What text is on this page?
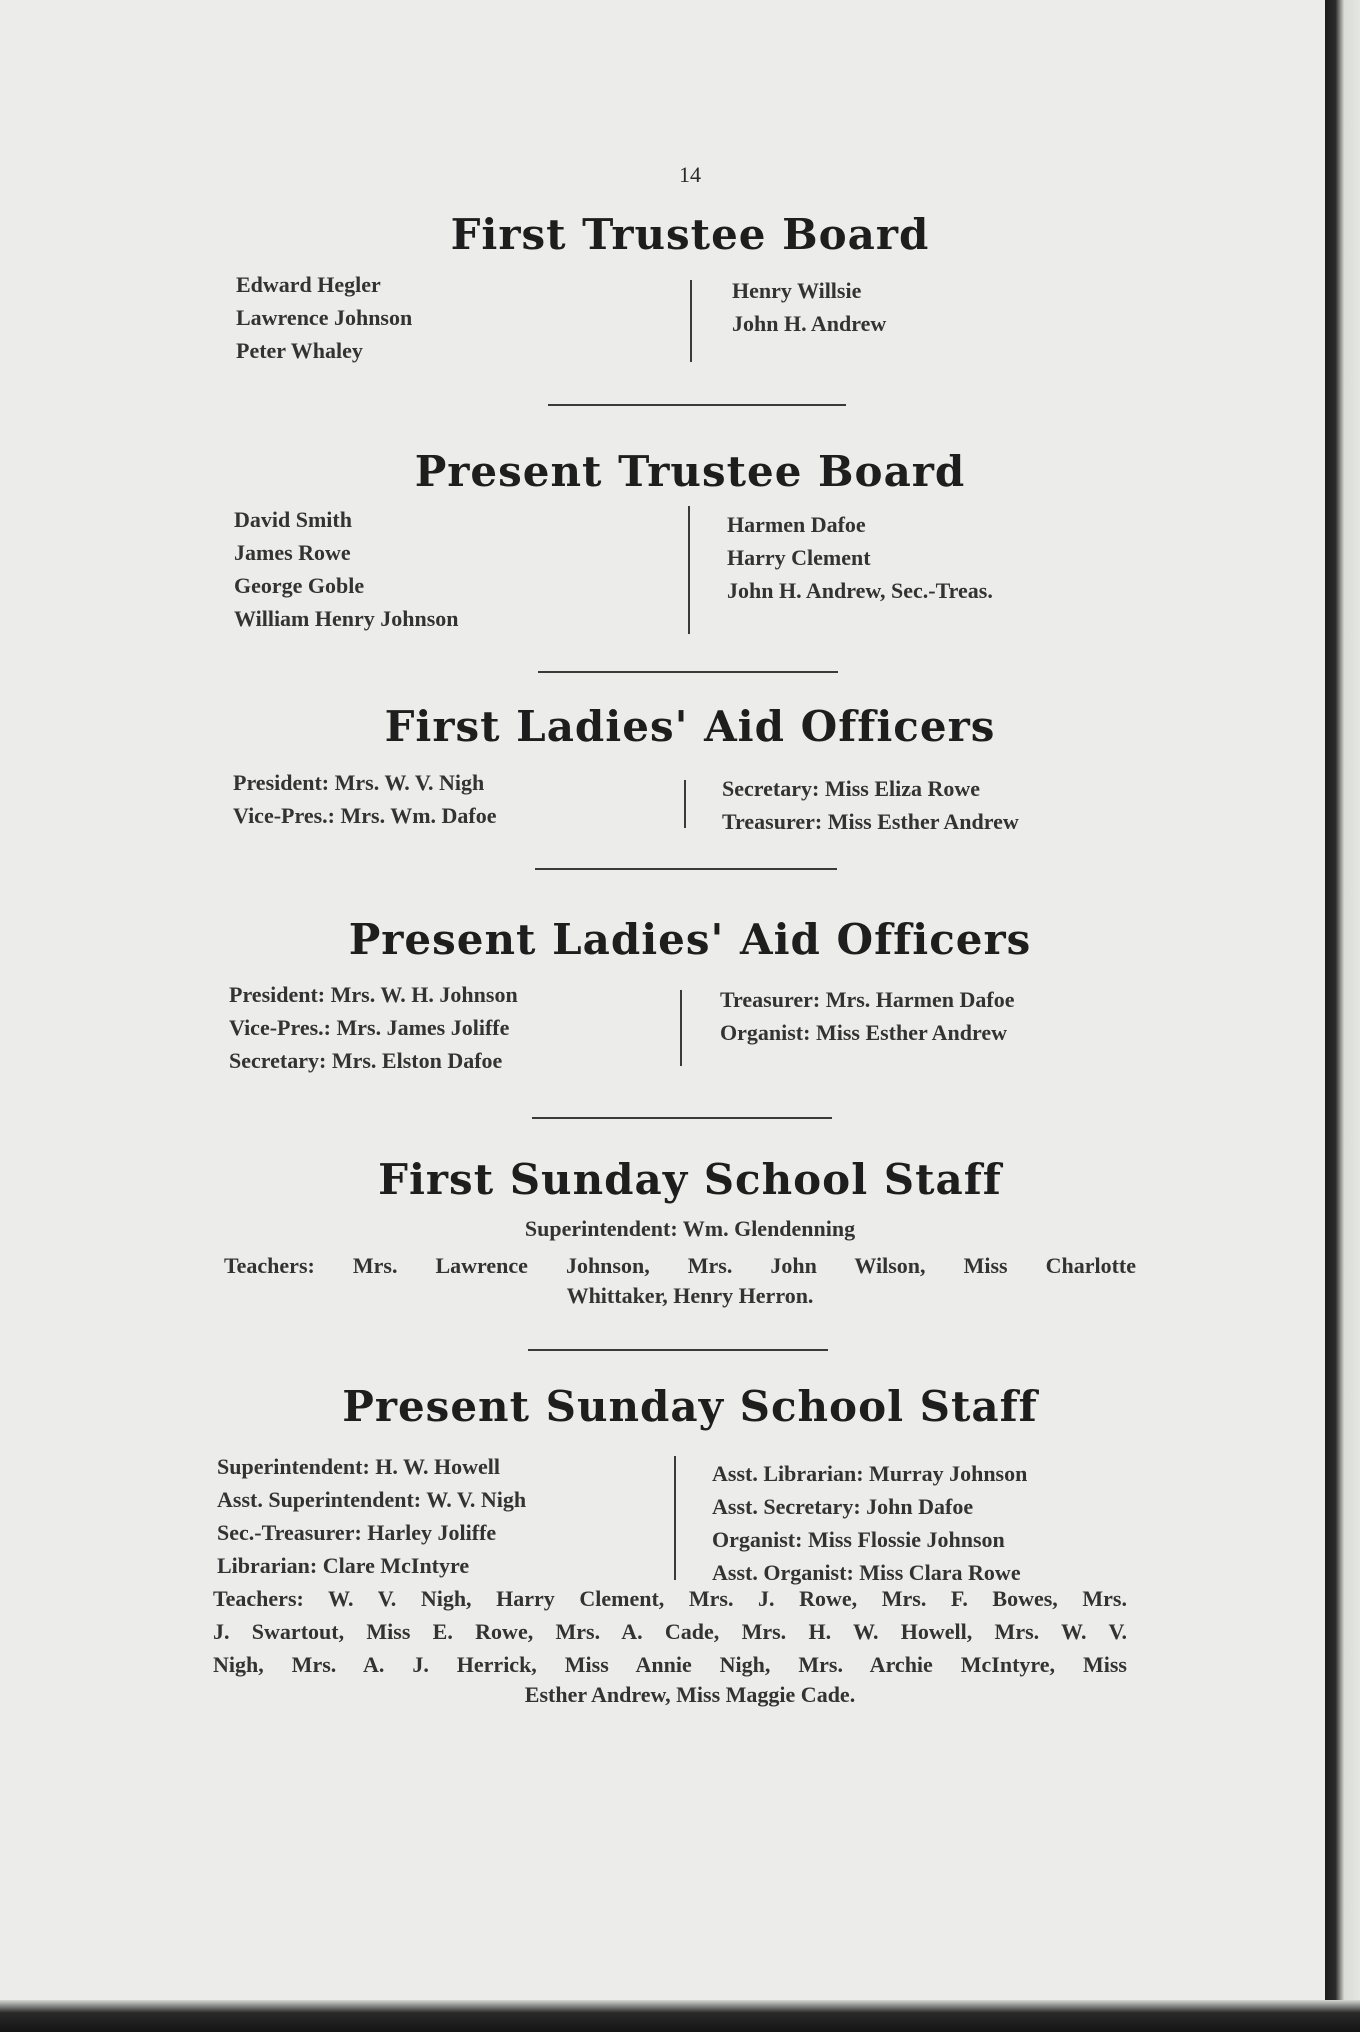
14
First Trustee Board
Edward Hegler
Lawrence Johnson
Peter Whaley
Henry Willsie
John H. Andrew
Present Trustee Board
David Smith
James Rowe
George Goble
William Henry Johnson
Harmen Dafoe
Harry Clement
John H. Andrew, Sec.-Treas.
First Ladies' Aid Officers
President: Mrs. W. V. Nigh
Vice-Pres.: Mrs. Wm. Dafoe
Secretary: Miss Eliza Rowe
Treasurer: Miss Esther Andrew
Present Ladies' Aid Officers
President: Mrs. W. H. Johnson
Vice-Pres.: Mrs. James Joliffe
Secretary: Mrs. Elston Dafoe
Treasurer: Mrs. Harmen Dafoe
Organist: Miss Esther Andrew
First Sunday School Staff
Superintendent: Wm. Glendenning
Teachers: Mrs. Lawrence Johnson, Mrs. John Wilson, Miss Charlotte
Whittaker, Henry Herron.
Present Sunday School Staff
Superintendent: H. W. Howell
Asst. Superintendent: W. V. Nigh
Sec.-Treasurer: Harley Joliffe
Librarian: Clare McIntyre
Asst. Librarian: Murray Johnson
Asst. Secretary: John Dafoe
Organist: Miss Flossie Johnson
Asst. Organist: Miss Clara Rowe
Teachers: W. V. Nigh, Harry Clement, Mrs. J. Rowe, Mrs. F. Bowes, Mrs.
J. Swartout, Miss E. Rowe, Mrs. A. Cade, Mrs. H. W. Howell, Mrs. W. V.
Nigh, Mrs. A. J. Herrick, Miss Annie Nigh, Mrs. Archie McIntyre, Miss
Esther Andrew, Miss Maggie Cade.
